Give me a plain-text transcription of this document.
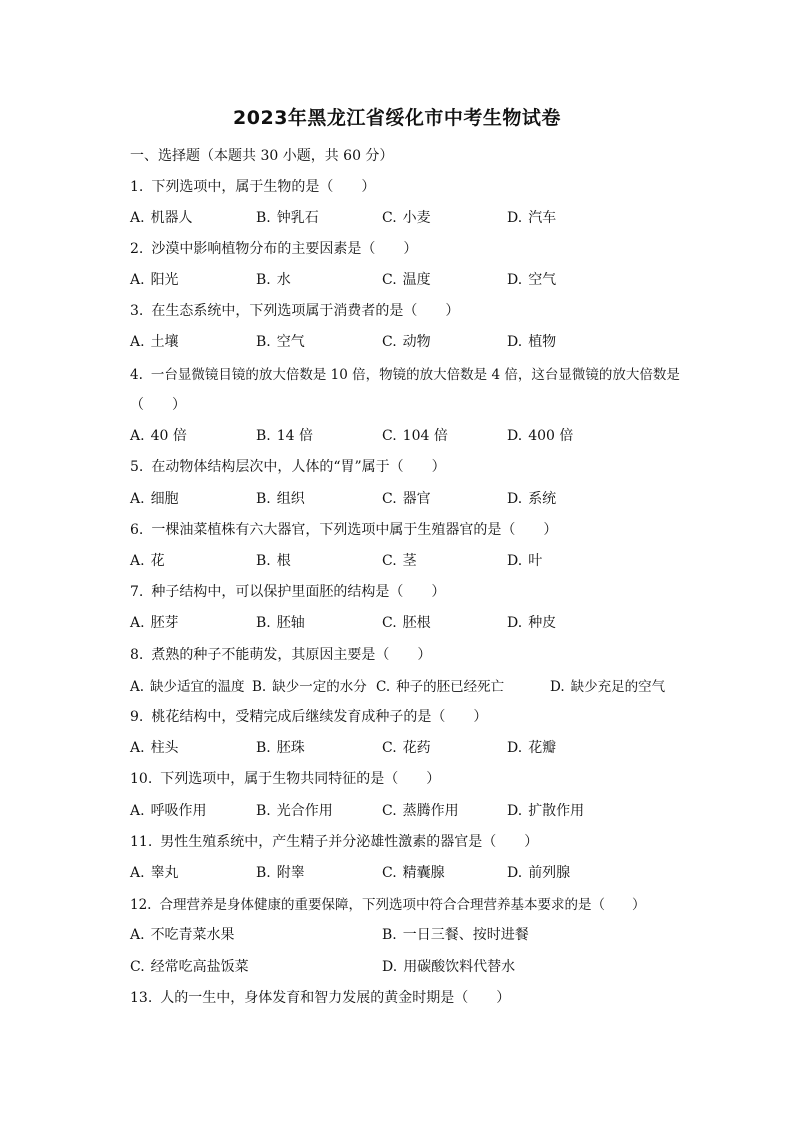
2023年黑龙江省绥化市中考生物试卷
一、选择题（本题共 30 小题，共 60 分）
1. 下列选项中，属于生物的是（　　）
A. 机器人	B. 钟乳石	C. 小麦	D. 汽车
2. 沙漠中影响植物分布的主要因素是（　　）
A. 阳光	B. 水	C. 温度	D. 空气
3. 在生态系统中，下列选项属于消费者的是（　　）
A. 土壤	B. 空气	C. 动物	D. 植物
4. 一台显微镜目镜的放大倍数是 10 倍，物镜的放大倍数是 4 倍，这台显微镜的放大倍数是
（　　）
A. 40 倍	B. 14 倍	C. 104 倍	D. 400 倍
5. 在动物体结构层次中，人体的“胃”属于（　　）
A. 细胞	B. 组织	C. 器官	D. 系统
6. 一棵油菜植株有六大器官，下列选项中属于生殖器官的是（　　）
A. 花	B. 根	C. 茎	D. 叶
7. 种子结构中，可以保护里面胚的结构是（　　）
A. 胚芽	B. 胚轴	C. 胚根	D. 种皮
8. 煮熟的种子不能萌发，其原因主要是（　　）
A. 缺少适宜的温度 B. 缺少一定的水分 C. 种子的胚已经死亡	D. 缺少充足的空气
9. 桃花结构中，受精完成后继续发育成种子的是（　　）
A. 柱头	B. 胚珠	C. 花药	D. 花瓣
10. 下列选项中，属于生物共同特征的是（　　）
A. 呼吸作用	B. 光合作用	C. 蒸腾作用	D. 扩散作用
11. 男性生殖系统中，产生精子并分泌雄性激素的器官是（　　）
A. 睾丸	B. 附睾	C. 精囊腺	D. 前列腺
12. 合理营养是身体健康的重要保障，下列选项中符合合理营养基本要求的是（　　）
A. 不吃青菜水果	B. 一日三餐、按时进餐
C. 经常吃高盐饭菜	D. 用碳酸饮料代替水
13. 人的一生中，身体发育和智力发展的黄金时期是（　　）
